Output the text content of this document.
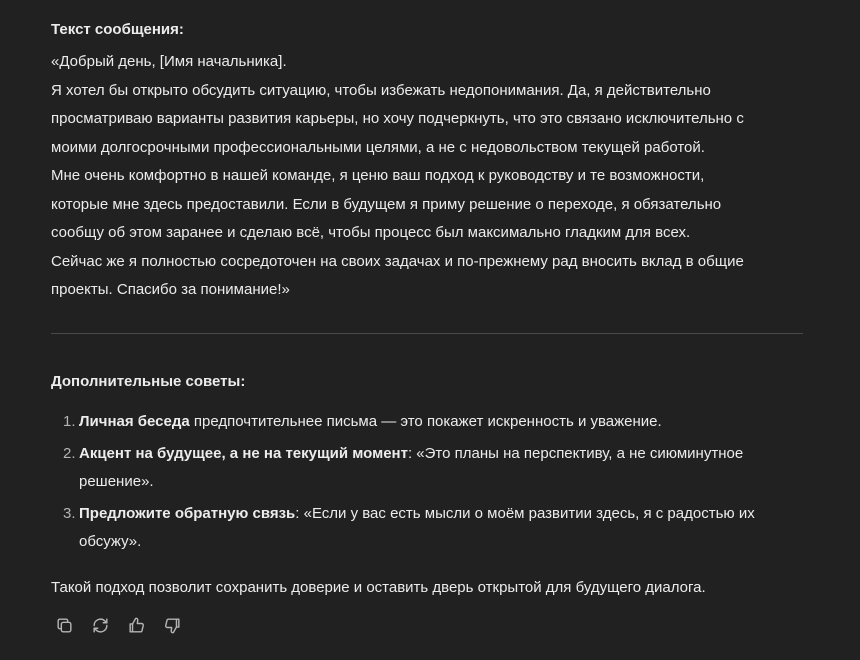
Текст сообщения:

«Добрый день, [Имя начальника].

Я хотел бы открыто обсудить ситуацию, чтобы избежать недопонимания. Да, я действительно

просматриваю варианты развития карьеры, но хочу подчеркнуть, что это связано исключительно с

моими долгосрочными профессиональными целями, а не с недовольством текущей работой.

Мне очень комфортно в нашей команде, я ценю ваш подход к руководству и те возможности,

которые мне здесь предоставили. Если в будущем я приму решение о переходе, я обязательно

сообщу об этом заранее и сделаю всё, чтобы процесс был максимально гладким для всех.

Сейчас же я полностью сосредоточен на своих задачах и по-прежнему рад вносить вклад в общие

проекты. Спасибо за понимание!»

Дополнительные советы:

1. Личная беседа предпочтительнее письма — это покажет искренность и уважение.
2. Акцент на будущее, а не на текущий момент: «Это планы на перспективу, а не сиюминутное решение».
3. Предложите обратную связь: «Если у вас есть мысли о моём развитии здесь, я с радостью их обсужу».

Такой подход позволит сохранить доверие и оставить дверь открытой для будущего диалога.
